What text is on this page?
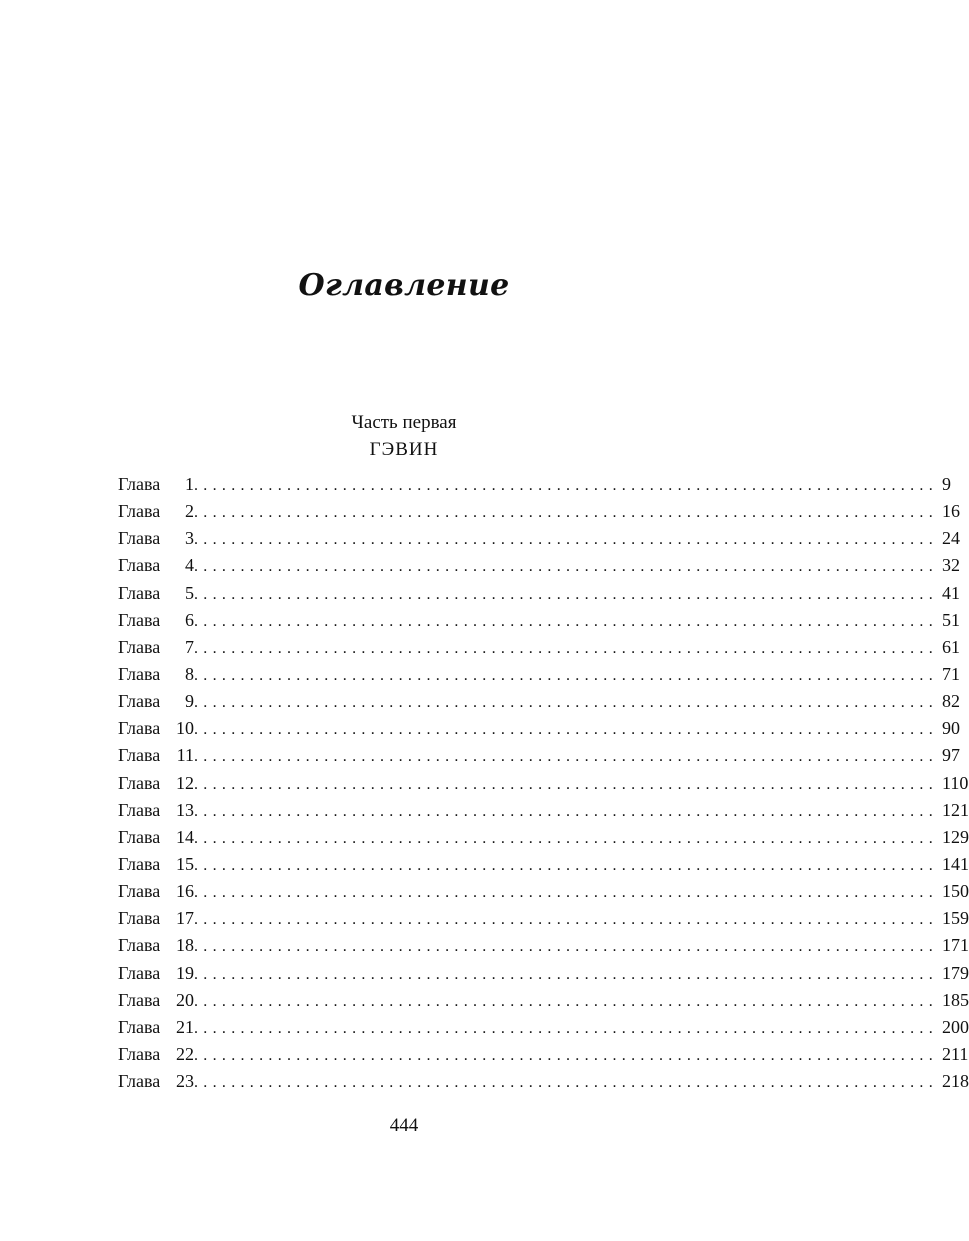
Оглавление
Часть первая
ГЭВИН
Глава	1 ................................................................................ 9
Глава	2 ................................................................................ 16
Глава	3 ................................................................................ 24
Глава	4 ................................................................................ 32
Глава	5 ................................................................................ 41
Глава	6 ................................................................................ 51
Глава	7 ................................................................................ 61
Глава	8 ................................................................................ 71
Глава	9 ................................................................................ 82
Глава 10 ................................................................................ 90
Глава 11 ................................................................................ 97
Глава 12 ................................................................................ 110
Глава 13 ................................................................................ 121
Глава 14 ................................................................................ 129
Глава 15 ................................................................................ 141
Глава 16 ................................................................................ 150
Глава 17 ................................................................................ 159
Глава 18 ................................................................................ 171
Глава 19 ................................................................................ 179
Глава 20 ................................................................................ 185
Глава 21 ................................................................................ 200
Глава 22 ................................................................................ 211
Глава 23 ................................................................................ 218
444
